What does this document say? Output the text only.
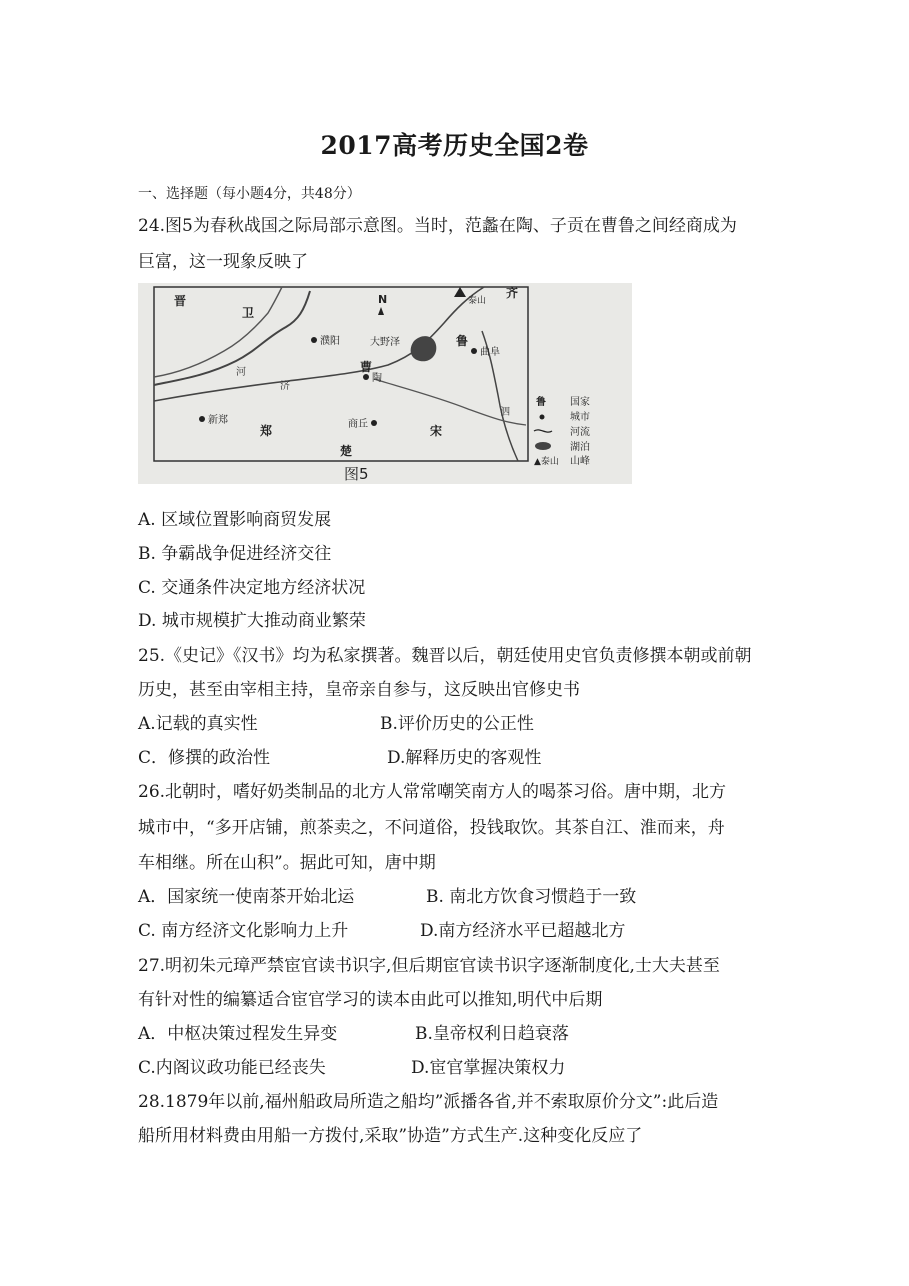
2017高考历史全国2卷
一、选择题（每小题4分，共48分）
24.图5为春秋战国之际局部示意图。当时，范蠡在陶、子贡在曹鲁之间经商成为
巨富，这一现象反映了
晋
卫
齐
鲁
曹
郑	宋
楚
濮阳
陶
曲阜
新郑	商丘
大野泽
河
济
泗
泰山
N
鲁 国家
城市
河流
湖泊
▲泰山 山峰
图5
A. 区域位置影响商贸发展
B. 争霸战争促进经济交往
C. 交通条件决定地方经济状况
D. 城市规模扩大推动商业繁荣
25.《史记》《汉书》均为私家撰著。魏晋以后，朝廷使用史官负责修撰本朝或前朝
历史，甚至由宰相主持，皇帝亲自参与，这反映出官修史书
A.记载的真实性	B.评价历史的公正性
C．修撰的政治性	D.解释历史的客观性
26.北朝时，嗜好奶类制品的北方人常常嘲笑南方人的喝茶习俗。唐中期，北方
城市中，“多开店铺，煎茶卖之，不问道俗，投钱取饮。其茶自江、淮而来，舟
车相继。所在山积”。据此可知，唐中期
A．国家统一使南茶开始北运	B. 南北方饮食习惯趋于一致
C. 南方经济文化影响力上升	D.南方经济水平已超越北方
27.明初朱元璋严禁宦官读书识字,但后期宦官读书识字逐渐制度化,士大夫甚至
有针对性的编纂适合宦官学习的读本由此可以推知,明代中后期
A．中枢决策过程发生异变	B.皇帝权利日趋衰落
C.内阁议政功能已经丧失	D.宦官掌握决策权力
28.1879年以前,福州船政局所造之船均”派播各省,并不索取原价分文”:此后造
船所用材料费由用船一方拨付,采取”协造”方式生产.这种变化反应了
